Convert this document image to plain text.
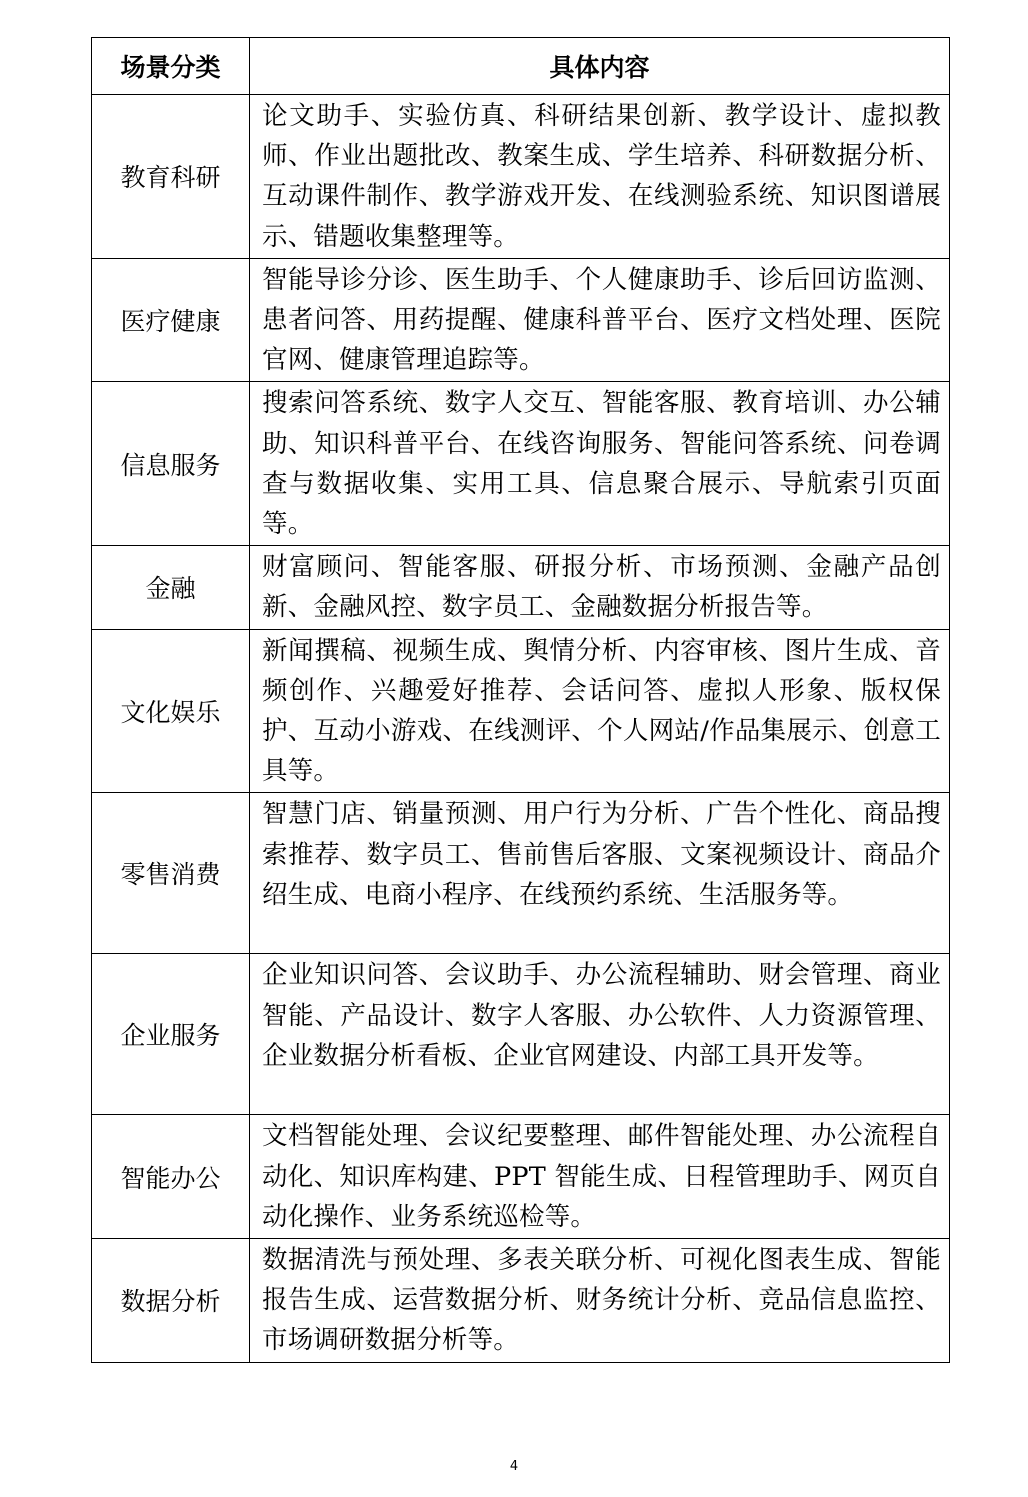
场景分类	具体内容
教育科研	论文助手、实验仿真、科研结果创新、教学设计、虚拟教师、作业出题批改、教案生成、学生培养、科研数据分析、互动课件制作、教学游戏开发、在线测验系统、知识图谱展示、错题收集整理等。
医疗健康	智能导诊分诊、医生助手、个人健康助手、诊后回访监测、患者问答、用药提醒、健康科普平台、医疗文档处理、医院官网、健康管理追踪等。
信息服务	搜索问答系统、数字人交互、智能客服、教育培训、办公辅助、知识科普平台、在线咨询服务、智能问答系统、问卷调查与数据收集、实用工具、信息聚合展示、导航索引页面等。
金融	财富顾问、智能客服、研报分析、市场预测、金融产品创新、金融风控、数字员工、金融数据分析报告等。
文化娱乐	新闻撰稿、视频生成、舆情分析、内容审核、图片生成、音频创作、兴趣爱好推荐、会话问答、虚拟人形象、版权保护、互动小游戏、在线测评、个人网站/作品集展示、创意工具等。
零售消费	智慧门店、销量预测、用户行为分析、广告个性化、商品搜索推荐、数字员工、售前售后客服、文案视频设计、商品介绍生成、电商小程序、在线预约系统、生活服务等。
企业服务	企业知识问答、会议助手、办公流程辅助、财会管理、商业智能、产品设计、数字人客服、办公软件、人力资源管理、企业数据分析看板、企业官网建设、内部工具开发等。
智能办公	文档智能处理、会议纪要整理、邮件智能处理、办公流程自动化、知识库构建、PPT 智能生成、日程管理助手、网页自动化操作、业务系统巡检等。
数据分析	数据清洗与预处理、多表关联分析、可视化图表生成、智能报告生成、运营数据分析、财务统计分析、竞品信息监控、市场调研数据分析等。
4
